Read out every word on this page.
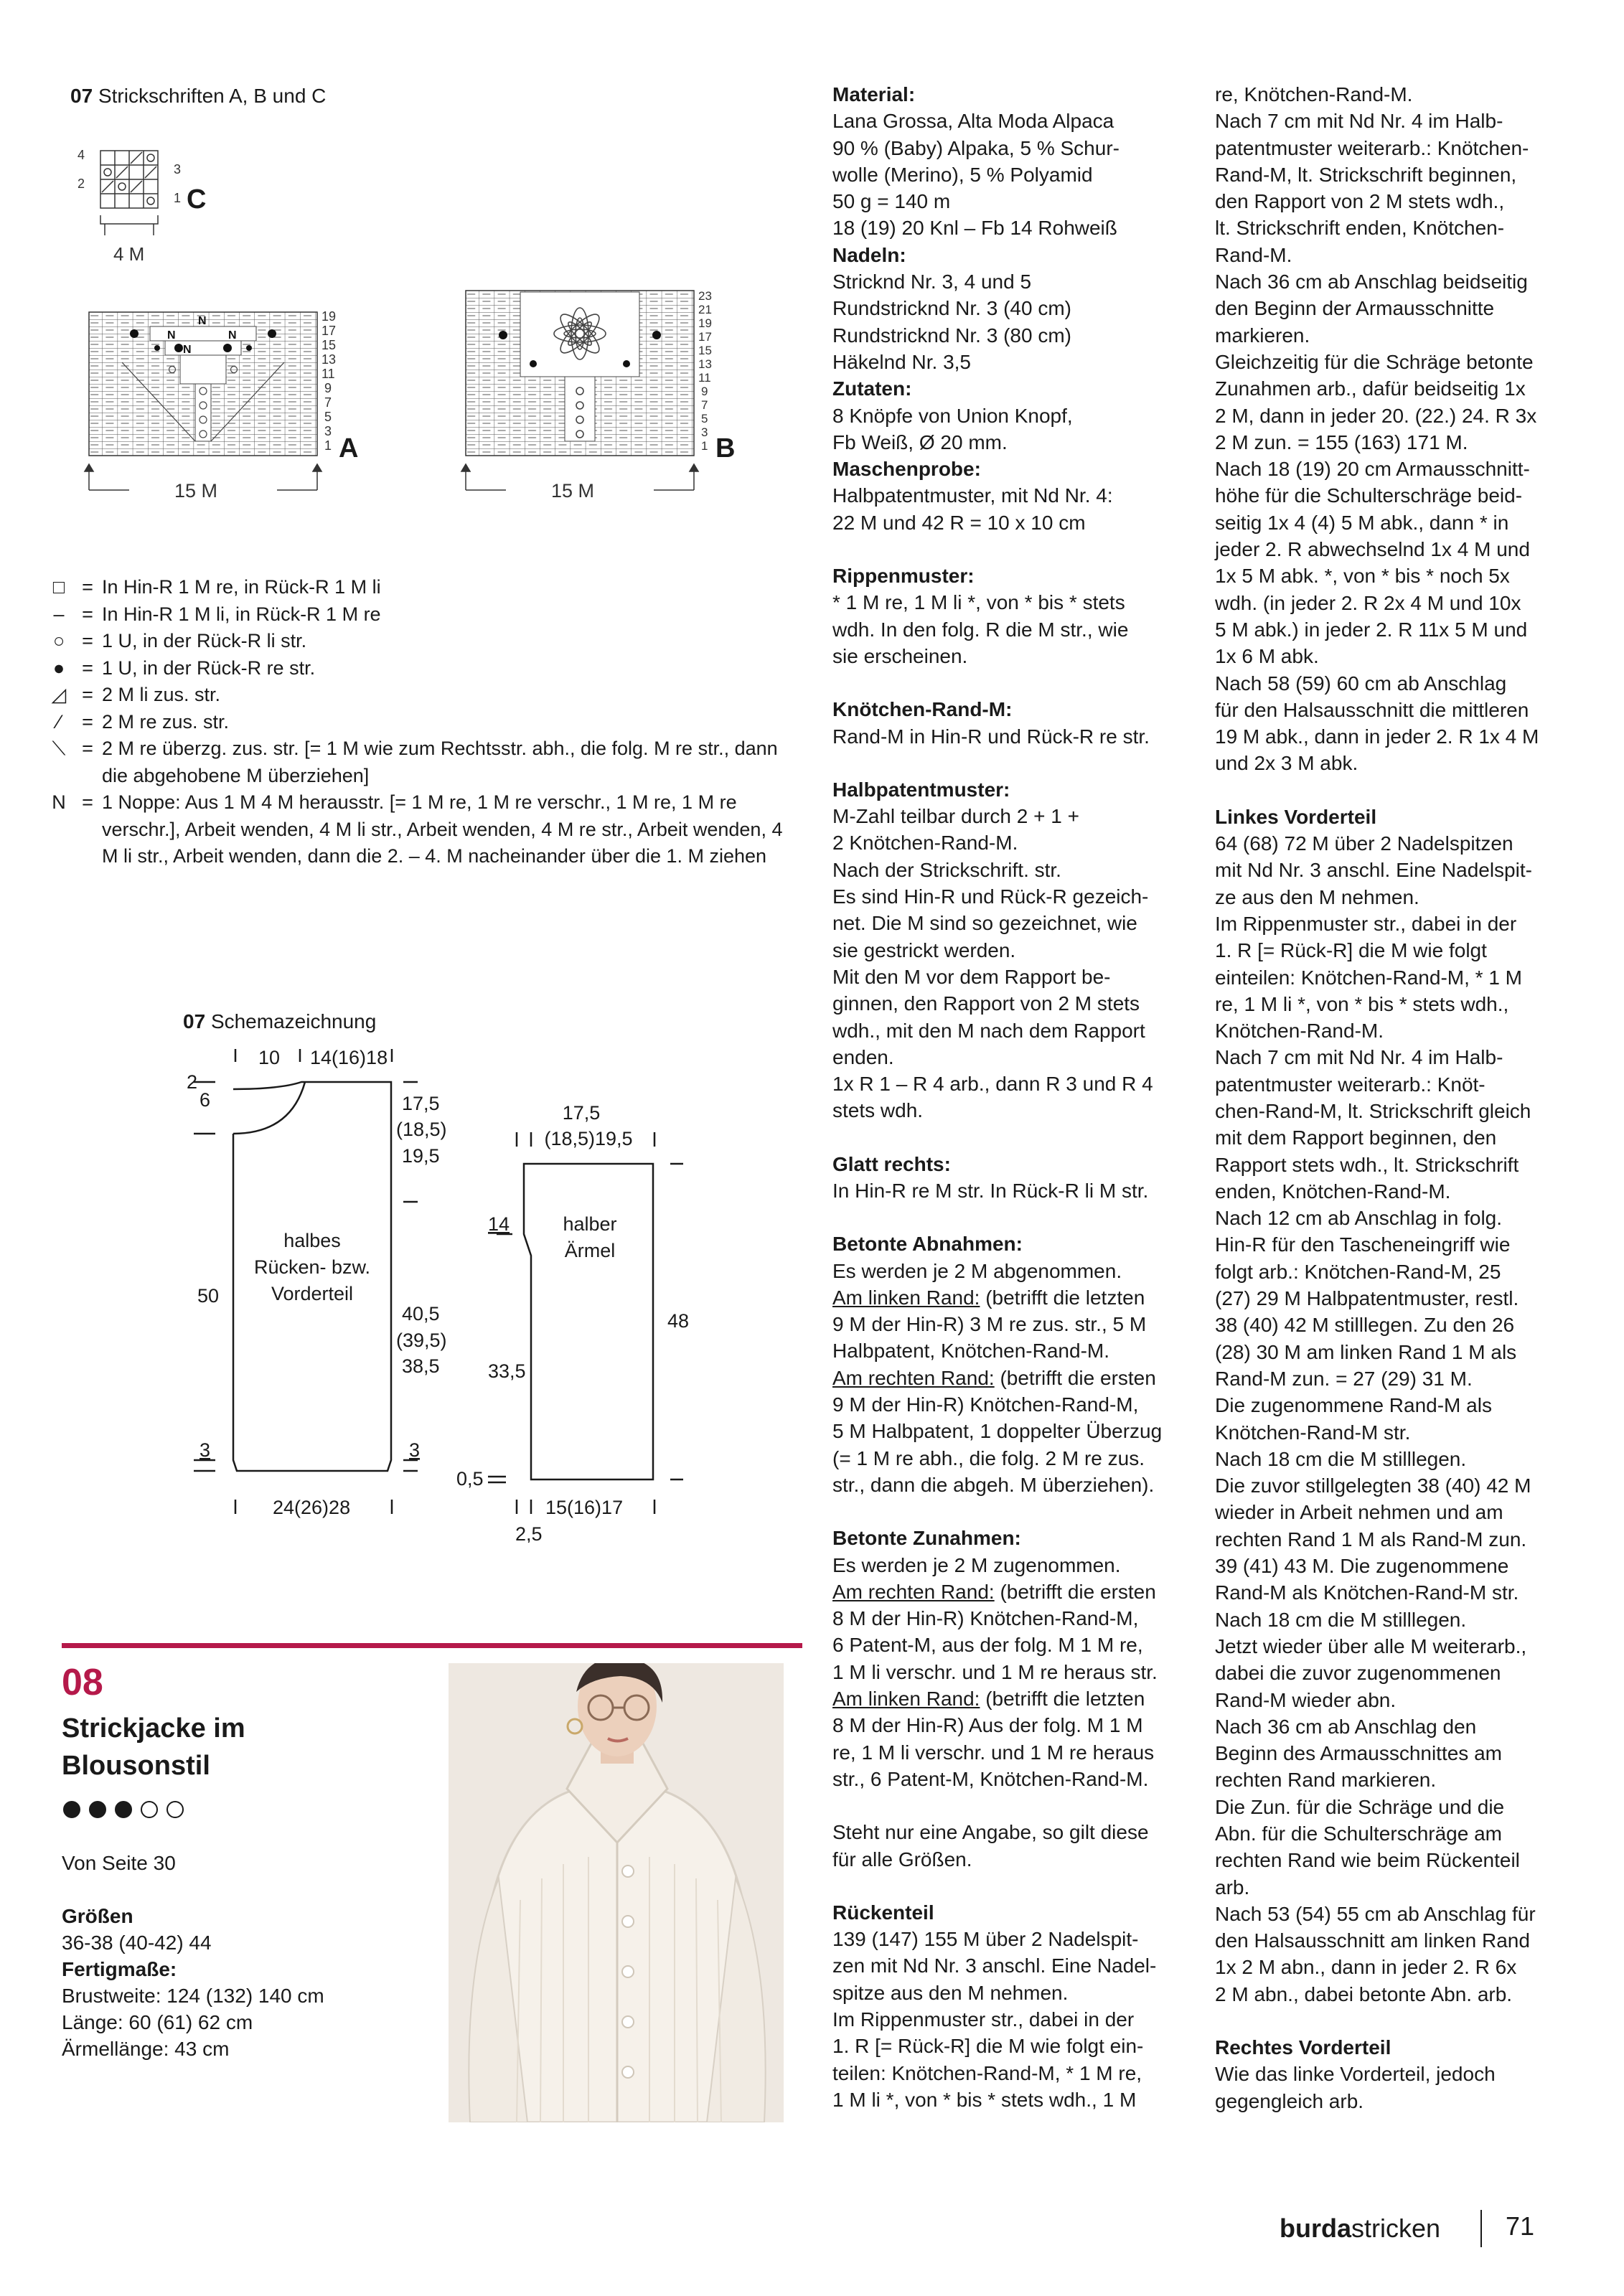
07 Strickschriften A, B und C
4
2
3
1 C
4 M
N
N	N
N
19
17
15
13
11
9
7
5
3
1 A
15 M
23
21
19
17
15
13
11
9
7
5
3
1 B
15 M
□ = In Hin-R 1 M re, in Rück-R 1 M li
– = In Hin-R 1 M li, in Rück-R 1 M re
○ = 1 U, in der Rück-R li str.
● = 1 U, in der Rück-R re str.
◿ = 2 M li zus. str.
⁄	= 2 M re zus. str.
⟍ = 2 M re überzg. zus. str. [= 1 M wie zum Rechtsstr. abh., die folg. M re str., dann die abgehobene M überziehen]
N = 1 Noppe: Aus 1 M 4 M herausstr. [= 1 M re, 1 M re verschr., 1 M re, 1 M re verschr.], Arbeit wenden, 4 M li str., Arbeit wenden, 4 M re str., Arbeit wenden, 4 M li str., Arbeit wenden, dann die 2. – 4. M nacheinander über die 1. M ziehen
07 Schemazeichnung
10 14(16)18
2
6
50
3
17,5
(18,5)
19,5
40,5
(39,5)
38,5
3
halbes
Rücken- bzw.
Vorderteil
24(26)28
17,5
(18,5)19,5
14
33,5
48
0,5
halber
Ärmel
15(16)17
2,5
08
Strickjacke im
Blousonstil
Von Seite 30
Größen
36-38 (40-42) 44
Fertigmaße:
Brustweite: 124 (132) 140 cm
Länge: 60 (61) 62 cm
Ärmellänge: 43 cm

Material:

Lana Grossa, Alta Moda Alpaca

90 % (Baby) Alpaka, 5 % Schur-

wolle (Merino), 5 % Polyamid

50 g = 140 m

18 (19) 20 Knl – Fb 14 Rohweiß

Nadeln:

Stricknd Nr. 3, 4 und 5

Rundstricknd Nr. 3 (40 cm)

Rundstricknd Nr. 3 (80 cm)

Häkelnd Nr. 3,5

Zutaten:

8 Knöpfe von Union Knopf,

Fb Weiß, Ø 20 mm.

Maschenprobe:

Halbpatentmuster, mit Nd Nr. 4:

22 M und 42 R = 10 x 10 cm

Rippenmuster:

* 1 M re, 1 M li *, von * bis * stets

wdh. In den folg. R die M str., wie

sie erscheinen.

Knötchen-Rand-M:

Rand-M in Hin-R und Rück-R re str.

Halbpatentmuster:

M-Zahl teilbar durch 2 + 1 +

2 Knötchen-Rand-M.

Nach der Strickschrift. str.

Es sind Hin-R und Rück-R gezeich-

net. Die M sind so gezeichnet, wie

sie gestrickt werden.

Mit den M vor dem Rapport be-

ginnen, den Rapport von 2 M stets

wdh., mit den M nach dem Rapport

enden.

1x R 1 – R 4 arb., dann R 3 und R 4

stets wdh.

Glatt rechts:

In Hin-R re M str. In Rück-R li M str.

Betonte Abnahmen:

Es werden je 2 M abgenommen.

Am linken Rand: (betrifft die letzten

9 M der Hin-R) 3 M re zus. str., 5 M

Halbpatent, Knötchen-Rand-M.

Am rechten Rand: (betrifft die ersten

9 M der Hin-R) Knötchen-Rand-M,

5 M Halbpatent, 1 doppelter Überzug

(= 1 M re abh., die folg. 2 M re zus.

str., dann die abgeh. M überziehen).

Betonte Zunahmen:

Es werden je 2 M zugenommen.

Am rechten Rand: (betrifft die ersten

8 M der Hin-R) Knötchen-Rand-M,

6 Patent-M, aus der folg. M 1 M re,

1 M li verschr. und 1 M re heraus str.

Am linken Rand: (betrifft die letzten

8 M der Hin-R) Aus der folg. M 1 M

re, 1 M li verschr. und 1 M re heraus

str., 6 Patent-M, Knötchen-Rand-M.

Steht nur eine Angabe, so gilt diese

für alle Größen.

Rückenteil

139 (147) 155 M über 2 Nadelspit-

zen mit Nd Nr. 3 anschl. Eine Nadel-

spitze aus den M nehmen.

Im Rippenmuster str., dabei in der

1. R [= Rück-R] die M wie folgt ein-

teilen: Knötchen-Rand-M, * 1 M re,

1 M li *, von * bis * stets wdh., 1 M

re, Knötchen-Rand-M.

Nach 7 cm mit Nd Nr. 4 im Halb-

patentmuster weiterarb.: Knötchen-

Rand-M, lt. Strickschrift beginnen,

den Rapport von 2 M stets wdh.,

lt. Strickschrift enden, Knötchen-

Rand-M.

Nach 36 cm ab Anschlag beidseitig

den Beginn der Armausschnitte

markieren.

Gleichzeitig für die Schräge betonte

Zunahmen arb., dafür beidseitig 1x

2 M, dann in jeder 20. (22.) 24. R 3x

2 M zun. = 155 (163) 171 M.

Nach 18 (19) 20 cm Armausschnitt-

höhe für die Schulterschräge beid-

seitig 1x 4 (4) 5 M abk., dann * in

jeder 2. R abwechselnd 1x 4 M und

1x 5 M abk. *, von * bis * noch 5x

wdh. (in jeder 2. R 2x 4 M und 10x

5 M abk.) in jeder 2. R 11x 5 M und

1x 6 M abk.

Nach 58 (59) 60 cm ab Anschlag

für den Halsausschnitt die mittleren

19 M abk., dann in jeder 2. R 1x 4 M

und 2x 3 M abk.

Linkes Vorderteil

64 (68) 72 M über 2 Nadelspitzen

mit Nd Nr. 3 anschl. Eine Nadelspit-

ze aus den M nehmen.

Im Rippenmuster str., dabei in der

1. R [= Rück-R] die M wie folgt

einteilen: Knötchen-Rand-M, * 1 M

re, 1 M li *, von * bis * stets wdh.,

Knötchen-Rand-M.

Nach 7 cm mit Nd Nr. 4 im Halb-

patentmuster weiterarb.: Knöt-

chen-Rand-M, lt. Strickschrift gleich

mit dem Rapport beginnen, den

Rapport stets wdh., lt. Strickschrift

enden, Knötchen-Rand-M.

Nach 12 cm ab Anschlag in folg.

Hin-R für den Tascheneingriff wie

folgt arb.: Knötchen-Rand-M, 25

(27) 29 M Halbpatentmuster, restl.

38 (40) 42 M stilllegen. Zu den 26

(28) 30 M am linken Rand 1 M als

Rand-M zun. = 27 (29) 31 M.

Die zugenommene Rand-M als

Knötchen-Rand-M str.

Nach 18 cm die M stilllegen.

Die zuvor stillgelegten 38 (40) 42 M

wieder in Arbeit nehmen und am

rechten Rand 1 M als Rand-M zun.

39 (41) 43 M. Die zugenommene

Rand-M als Knötchen-Rand-M str.

Nach 18 cm die M stilllegen.

Jetzt wieder über alle M weiterarb.,

dabei die zuvor zugenommenen

Rand-M wieder abn.

Nach 36 cm ab Anschlag den

Beginn des Armausschnittes am

rechten Rand markieren.

Die Zun. für die Schräge und die

Abn. für die Schulterschräge am

rechten Rand wie beim Rückenteil

arb.

Nach 53 (54) 55 cm ab Anschlag für

den Halsausschnitt am linken Rand

1x 2 M abn., dann in jeder 2. R 6x

2 M abn., dabei betonte Abn. arb.

Rechtes Vorderteil

Wie das linke Vorderteil, jedoch

gegengleich arb.

burdastricken	71
